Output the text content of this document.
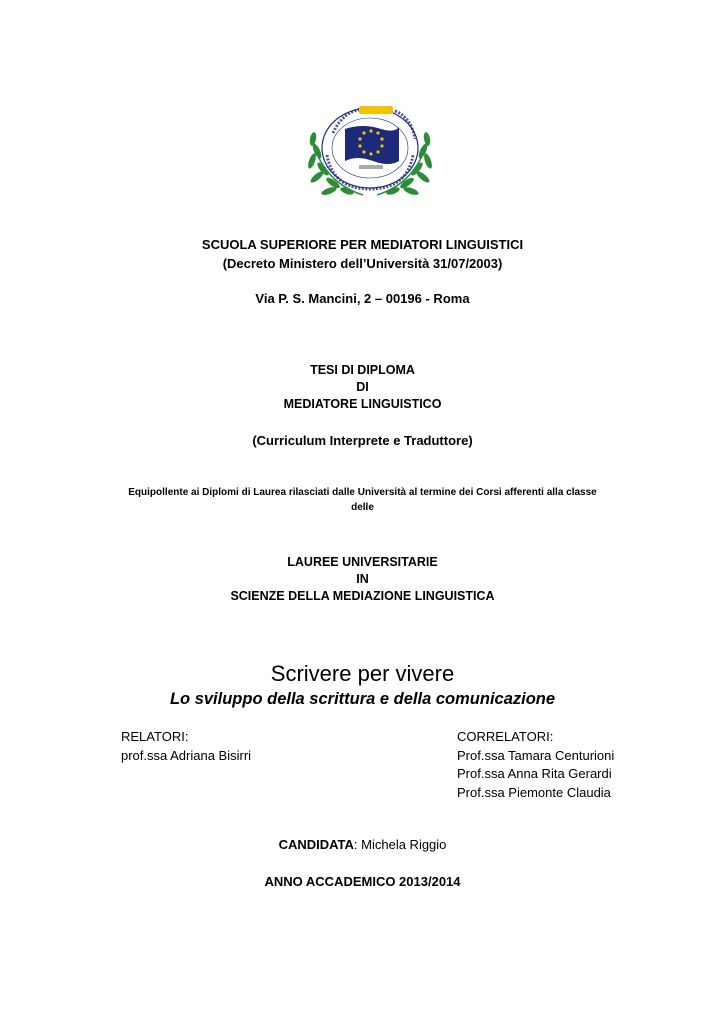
SCUOLA SUPERIORE PER MEDIATORI LINGUISTICI
(Decreto Ministero dell’Università 31/07/2003)
Via P. S. Mancini, 2 – 00196 - Roma
TESI DI DIPLOMA
DI
MEDIATORE LINGUISTICO
(Curriculum Interprete e Traduttore)
Equipollente ai Diplomi di Laurea rilasciati dalle Università al termine dei Corsi afferenti alla classe
delle
LAUREE UNIVERSITARIE
IN
SCIENZE DELLA MEDIAZIONE LINGUISTICA
Scrivere per vivere
Lo sviluppo della scrittura e della comunicazione
RELATORI:
prof.ssa Adriana Bisirri
CORRELATORI:
Prof.ssa Tamara Centurioni
Prof.ssa Anna Rita Gerardi
Prof.ssa Piemonte Claudia
CANDIDATA: Michela Riggio
ANNO ACCADEMICO 2013/2014
